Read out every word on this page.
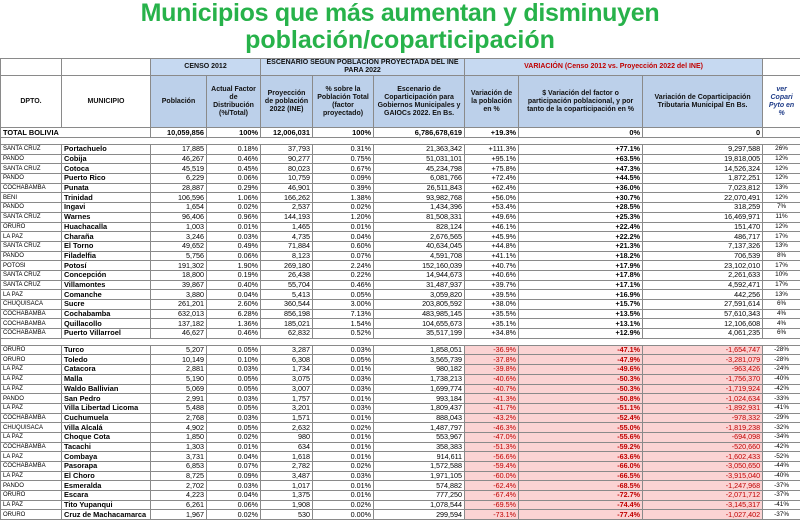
Municipios que más aumentan y disminuyen
población/coparticipación
		CENSO 2012		ESCENARIO SEGÚN POBLACIÓN PROYECTADA DEL INE PARA 2022			VARIACIÓN (Censo 2012 vs. Proyección 2022 del INE)			
DPTO.	MUNICIPIO	Población	Actual Factor de Distribución (%/Total)	Proyección de población 2022 (INE)	% sobre la Población Total (factor proyectado)	Escenario de Coparticipación para Gobiernos Municipales y GAIOCs 2022. En Bs.	Variación de la población en %	$ Variación del factor o participación poblacional, y por tanto de la coparticipación en %	Variación de Coparticipación Tributaria Municipal En Bs.	ver Copari Pyto en %
TOTAL BOLIVIA		10,059,856	100%	12,006,031	100%	6,786,678,619	+19.3%	0%	0	

SANTA CRUZ	Portachuelo	17,885	0.18%	37,793	0.31%	21,363,342	+111.3%	+77.1%	9,297,588	26%
PANDO	Cobija	46,267	0.46%	90,277	0.75%	51,031,101	+95.1%	+63.5%	19,818,005	12%
SANTA CRUZ	Cotoca	45,519	0.45%	80,023	0.67%	45,234,798	+75.8%	+47.3%	14,526,324	12%
PANDO	Puerto Rico	6,229	0.06%	10,759	0.09%	6,081,766	+72.4%	+44.5%	1,872,251	12%
COCHABAMBA	Punata	28,887	0.29%	46,901	0.39%	26,511,843	+62.4%	+36.0%	7,023,812	13%
BENI	Trinidad	106,596	1.06%	166,262	1.38%	93,982,768	+56.0%	+30.7%	22,070,491	12%
PANDO	Ingavi	1,654	0.02%	2,537	0.02%	1,434,396	+53.4%	+28.5%	318,259	7%
SANTA CRUZ	Warnes	96,406	0.96%	144,193	1.20%	81,508,331	+49.6%	+25.3%	16,469,971	11%
ORURO	Huachacalla	1,003	0.01%	1,465	0.01%	828,124	+46.1%	+22.4%	151,470	12%
LA PAZ	Charaña	3,246	0.03%	4,735	0.04%	2,676,565	+45.9%	+22.2%	486,717	17%
SANTA CRUZ	El Torno	49,652	0.49%	71,884	0.60%	40,634,045	+44.8%	+21.3%	7,137,326	13%
PANDO	Filadelfia	5,756	0.06%	8,123	0.07%	4,591,708	+41.1%	+18.2%	706,539	8%
POTOSI	Potosí	191,302	1.90%	269,180	2.24%	152,160,039	+40.7%	+17.9%	23,102,010	17%
SANTA CRUZ	Concepción	18,800	0.19%	26,438	0.22%	14,944,673	+40.6%	+17.8%	2,261,633	10%
SANTA CRUZ	Villamontes	39,867	0.40%	55,704	0.46%	31,487,937	+39.7%	+17.1%	4,592,471	17%
LA PAZ	Comanche	3,880	0.04%	5,413	0.05%	3,059,820	+39.5%	+16.9%	442,256	13%
CHUQUISACA	Sucre	261,201	2.60%	360,544	3.00%	203,805,592	+38.0%	+15.7%	27,591,614	6%
COCHABAMBA	Cochabamba	632,013	6.28%	856,198	7.13%	483,985,145	+35.5%	+13.5%	57,610,343	4%
COCHABAMBA	Quillacollo	137,182	1.36%	185,021	1.54%	104,655,673	+35.1%	+13.1%	12,106,608	4%
COCHABAMBA	Puerto Villarroel	46,627	0.46%	62,832	0.52%	35,517,199	+34.8%	+12.9%	4,061,235	6%

ORURO	Turco	5,207	0.05%	3,287	0.03%	1,858,051	-36.9%	-47.1%	-1,654,747	-28%
ORURO	Toledo	10,149	0.10%	6,308	0.05%	3,565,739	-37.8%	-47.9%	-3,281,079	-28%
LA PAZ	Catacora	2,881	0.03%	1,734	0.01%	980,182	-39.8%	-49.6%	-963,426	-24%
LA PAZ	Malla	5,190	0.05%	3,075	0.03%	1,738,213	-40.6%	-50.3%	-1,756,370	-40%
LA PAZ	Waldo Ballivian	5,069	0.05%	3,007	0.03%	1,699,774	-40.7%	-50.3%	-1,719,924	-42%
PANDO	San Pedro	2,991	0.03%	1,757	0.01%	993,184	-41.3%	-50.8%	-1,024,634	-33%
LA PAZ	Villa Libertad Licoma	5,488	0.05%	3,201	0.03%	1,809,437	-41.7%	-51.1%	-1,892,931	-41%
COCHABAMBA	Cuchumuela	2,768	0.03%	1,571	0.01%	888,043	-43.2%	-52.4%	-978,332	-29%
CHUQUISACA	Villa Alcalá	4,902	0.05%	2,632	0.02%	1,487,797	-46.3%	-55.0%	-1,819,238	-32%
LA PAZ	Choque Cota	1,850	0.02%	980	0.01%	553,967	-47.0%	-55.6%	-694,098	-34%
COCHABAMBA	Tacachi	1,303	0.01%	634	0.01%	358,383	-51.3%	-59.2%	-520,660	-42%
LA PAZ	Combaya	3,731	0.04%	1,618	0.01%	914,611	-56.6%	-63.6%	-1,602,433	-52%
COCHABAMBA	Pasorapa	6,853	0.07%	2,782	0.02%	1,572,588	-59.4%	-66.0%	-3,050,650	-44%
LA PAZ	El Choro	8,725	0.09%	3,487	0.03%	1,971,105	-60.0%	-66.5%	-3,915,040	-40%
PANDO	Esmeralda	2,702	0.03%	1,017	0.01%	574,882	-62.4%	-68.5%	-1,247,968	-37%
ORURO	Escara	4,223	0.04%	1,375	0.01%	777,250	-67.4%	-72.7%	-2,071,712	-37%
LA PAZ	Tito Yupanqui	6,261	0.06%	1,908	0.02%	1,078,544	-69.5%	-74.4%	-3,145,317	-41%
ORURO	Cruz de Machacamarca	1,967	0.02%	530	0.00%	299,594	-73.1%	-77.4%	-1,027,402	-37%
